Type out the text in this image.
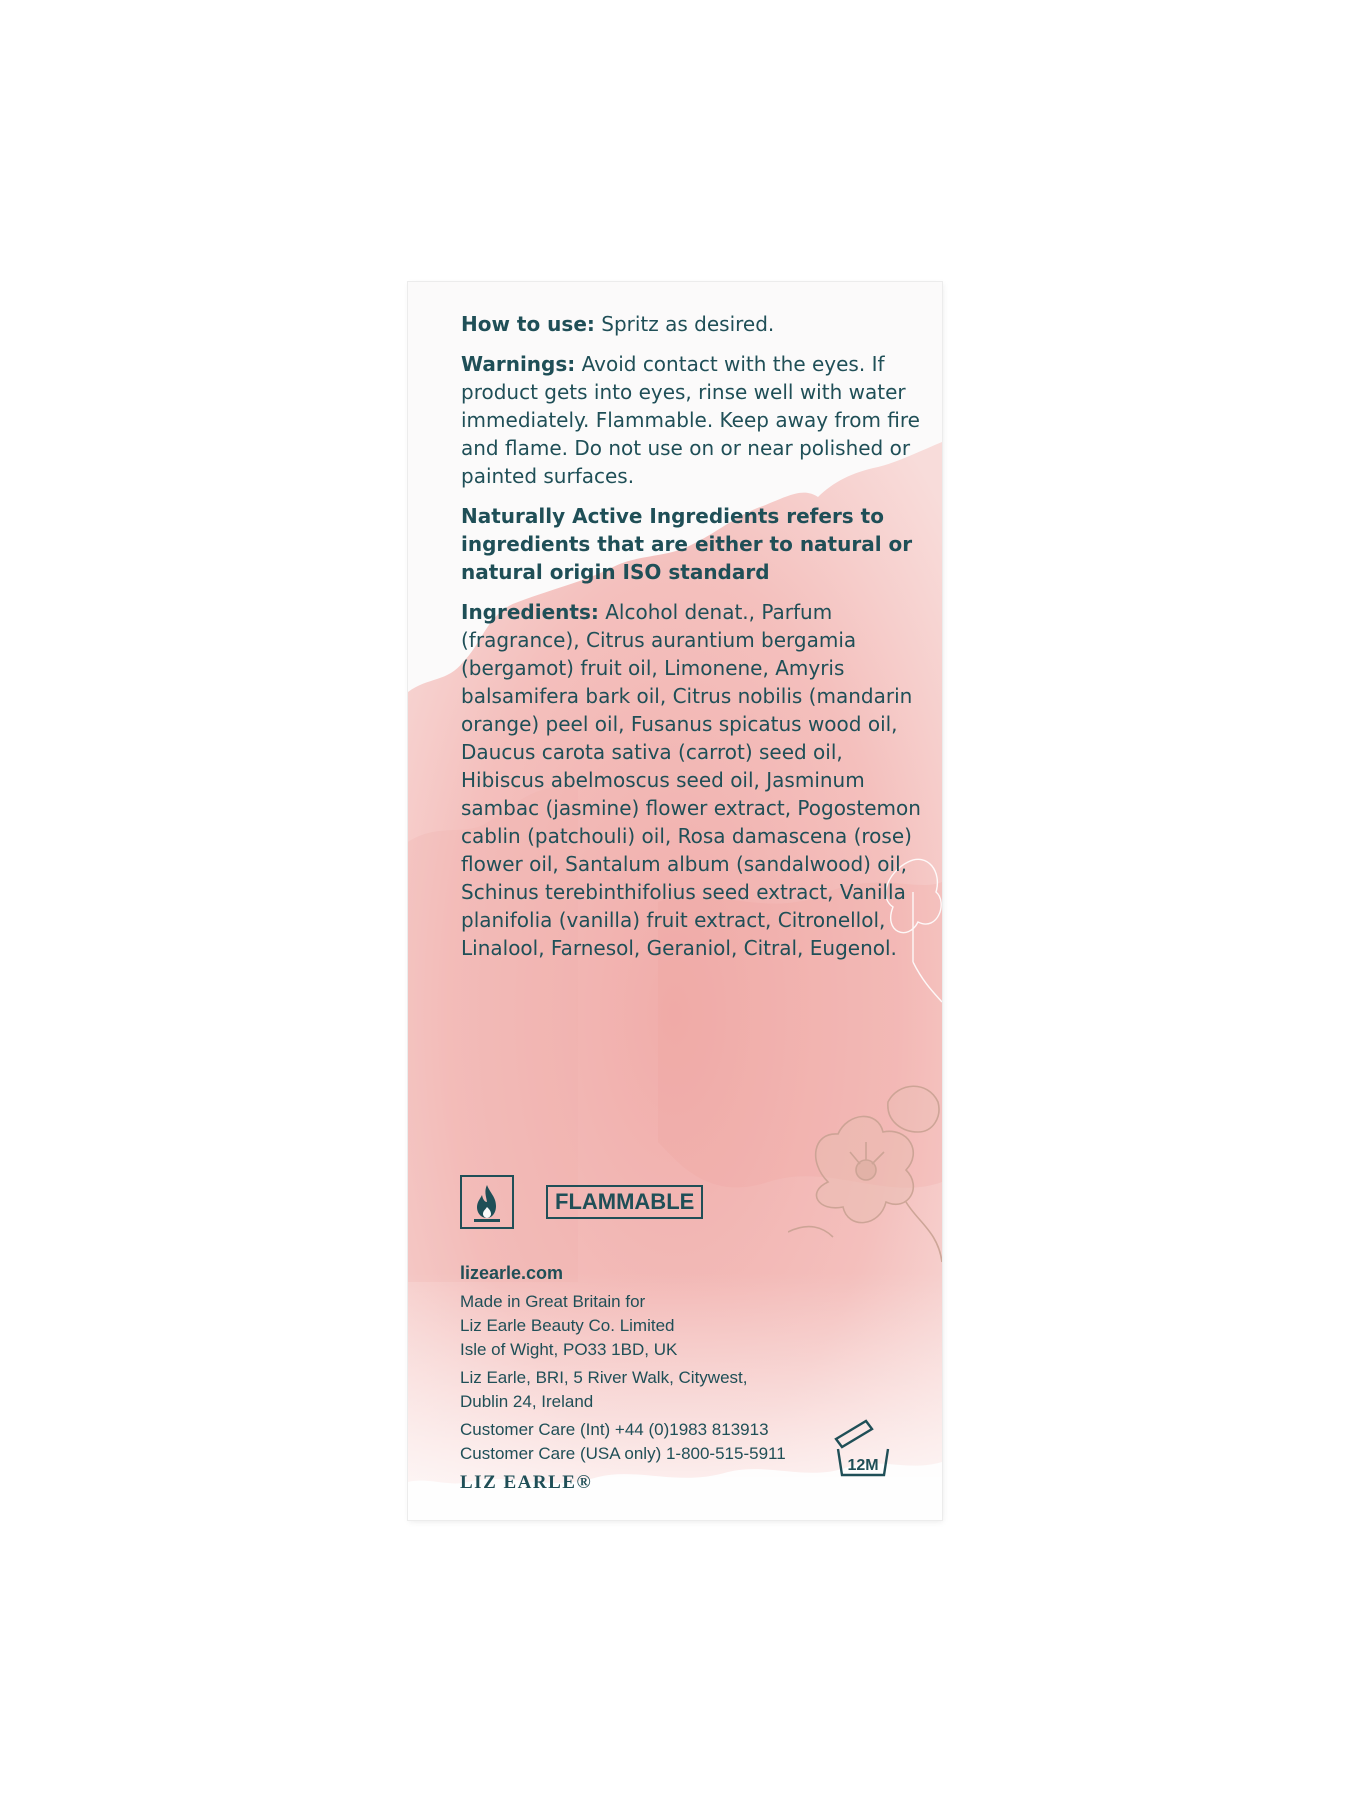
How to use: Spritz as desired.

Warnings: Avoid contact with the eyes. If product gets into eyes, rinse well with water immediately. Flammable. Keep away from fire and flame. Do not use on or near polished or painted surfaces.

Naturally Active Ingredients refers to ingredients that are either to natural or natural origin ISO standard

Ingredients: Alcohol denat., Parfum (fragrance), Citrus aurantium bergamia (bergamot) fruit oil, Limonene, Amyris balsamifera bark oil, Citrus nobilis (mandarin orange) peel oil, Fusanus spicatus wood oil, Daucus carota sativa (carrot) seed oil, Hibiscus abelmoscus seed oil, Jasminum sambac (jasmine) flower extract, Pogostemon cablin (patchouli) oil, Rosa damascena (rose) flower oil, Santalum album (sandalwood) oil, Schinus terebinthifolius seed extract, Vanilla planifolia (vanilla) fruit extract, Citronellol, Linalool, Farnesol, Geraniol, Citral, Eugenol.

FLAMMABLE

lizearle.com

Made in Great Britain for
Liz Earle Beauty Co. Limited
Isle of Wight, PO33 1BD, UK

Liz Earle, BRI, 5 River Walk, Citywest,
Dublin 24, Ireland

Customer Care (Int) +44 (0)1983 813913
Customer Care (USA only) 1-800-515-5911

LIZ EARLE®
12M
